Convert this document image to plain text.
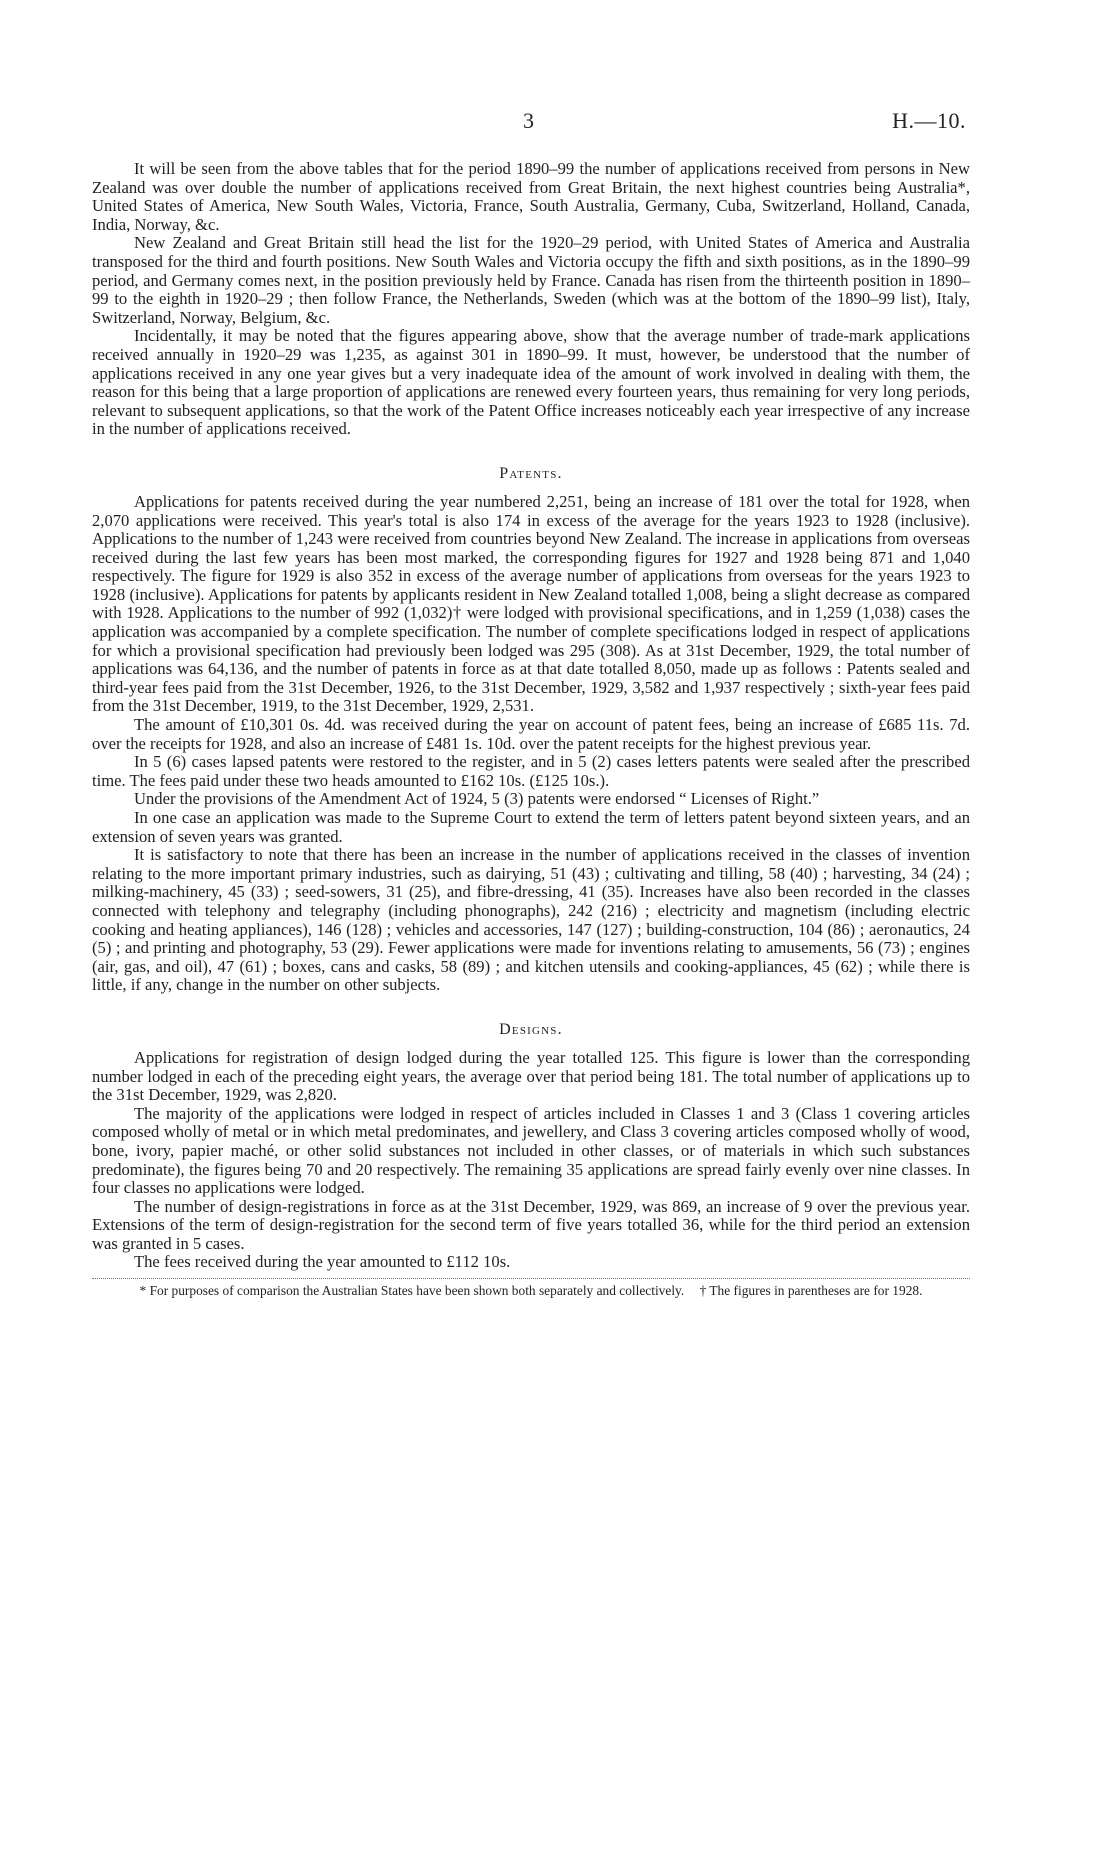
3	H.—10.

It will be seen from the above tables that for the period 1890–99 the number of applications received from persons in New Zealand was over double the number of applications received from Great Britain, the next highest countries being Australia*, United States of America, New South Wales, Victoria, France, South Australia, Germany, Cuba, Switzerland, Holland, Canada, India, Norway, &c.

New Zealand and Great Britain still head the list for the 1920–29 period, with United States of America and Australia transposed for the third and fourth positions. New South Wales and Victoria occupy the fifth and sixth positions, as in the 1890–99 period, and Germany comes next, in the position previously held by France. Canada has risen from the thirteenth position in 1890–99 to the eighth in 1920–29 ; then follow France, the Netherlands, Sweden (which was at the bottom of the 1890–99 list), Italy, Switzerland, Norway, Belgium, &c.

Incidentally, it may be noted that the figures appearing above, show that the average number of trade-mark applications received annually in 1920–29 was 1,235, as against 301 in 1890–99. It must, however, be understood that the number of applications received in any one year gives but a very inadequate idea of the amount of work involved in dealing with them, the reason for this being that a large proportion of applications are renewed every fourteen years, thus remaining for very long periods, relevant to subsequent applications, so that the work of the Patent Office increases noticeably each year irrespective of any increase in the number of applications received.

Patents.

Applications for patents received during the year numbered 2,251, being an increase of 181 over the total for 1928, when 2,070 applications were received. This year's total is also 174 in excess of the average for the years 1923 to 1928 (inclusive). Applications to the number of 1,243 were received from countries beyond New Zealand. The increase in applications from overseas received during the last few years has been most marked, the corresponding figures for 1927 and 1928 being 871 and 1,040 respectively. The figure for 1929 is also 352 in excess of the average number of applications from overseas for the years 1923 to 1928 (inclusive). Applications for patents by applicants resident in New Zealand totalled 1,008, being a slight decrease as compared with 1928. Applications to the number of 992 (1,032)† were lodged with provisional specifications, and in 1,259 (1,038) cases the application was accompanied by a complete specification. The number of complete specifications lodged in respect of applications for which a provisional specification had previously been lodged was 295 (308). As at 31st December, 1929, the total number of applications was 64,136, and the number of patents in force as at that date totalled 8,050, made up as follows : Patents sealed and third-year fees paid from the 31st December, 1926, to the 31st December, 1929, 3,582 and 1,937 respectively ; sixth-year fees paid from the 31st December, 1919, to the 31st December, 1929, 2,531.

The amount of £10,301 0s. 4d. was received during the year on account of patent fees, being an increase of £685 11s. 7d. over the receipts for 1928, and also an increase of £481 1s. 10d. over the patent receipts for the highest previous year.

In 5 (6) cases lapsed patents were restored to the register, and in 5 (2) cases letters patents were sealed after the prescribed time. The fees paid under these two heads amounted to £162 10s. (£125 10s.).

Under the provisions of the Amendment Act of 1924, 5 (3) patents were endorsed “ Licenses of Right.”

In one case an application was made to the Supreme Court to extend the term of letters patent beyond sixteen years, and an extension of seven years was granted.

It is satisfactory to note that there has been an increase in the number of applications received in the classes of invention relating to the more important primary industries, such as dairying, 51 (43) ; cultivating and tilling, 58 (40) ; harvesting, 34 (24) ; milking-machinery, 45 (33) ; seed-sowers, 31 (25), and fibre-dressing, 41 (35). Increases have also been recorded in the classes connected with telephony and telegraphy (including phonographs), 242 (216) ; electricity and magnetism (including electric cooking and heating appliances), 146 (128) ; vehicles and accessories, 147 (127) ; building-construction, 104 (86) ; aeronautics, 24 (5) ; and printing and photography, 53 (29). Fewer applications were made for inventions relating to amusements, 56 (73) ; engines (air, gas, and oil), 47 (61) ; boxes, cans and casks, 58 (89) ; and kitchen utensils and cooking-appliances, 45 (62) ; while there is little, if any, change in the number on other subjects.

Designs.

Applications for registration of design lodged during the year totalled 125. This figure is lower than the corresponding number lodged in each of the preceding eight years, the average over that period being 181. The total number of applications up to the 31st December, 1929, was 2,820.

The majority of the applications were lodged in respect of articles included in Classes 1 and 3 (Class 1 covering articles composed wholly of metal or in which metal predominates, and jewellery, and Class 3 covering articles composed wholly of wood, bone, ivory, papier maché, or other solid substances not included in other classes, or of materials in which such substances predominate), the figures being 70 and 20 respectively. The remaining 35 applications are spread fairly evenly over nine classes. In four classes no applications were lodged.

The number of design-registrations in force as at the 31st December, 1929, was 869, an increase of 9 over the previous year. Extensions of the term of design-registration for the second term of five years totalled 36, while for the third period an extension was granted in 5 cases.

The fees received during the year amounted to £112 10s.

* For purposes of comparison the Australian States have been shown both separately and collectively. † The figures in parentheses are for 1928.
